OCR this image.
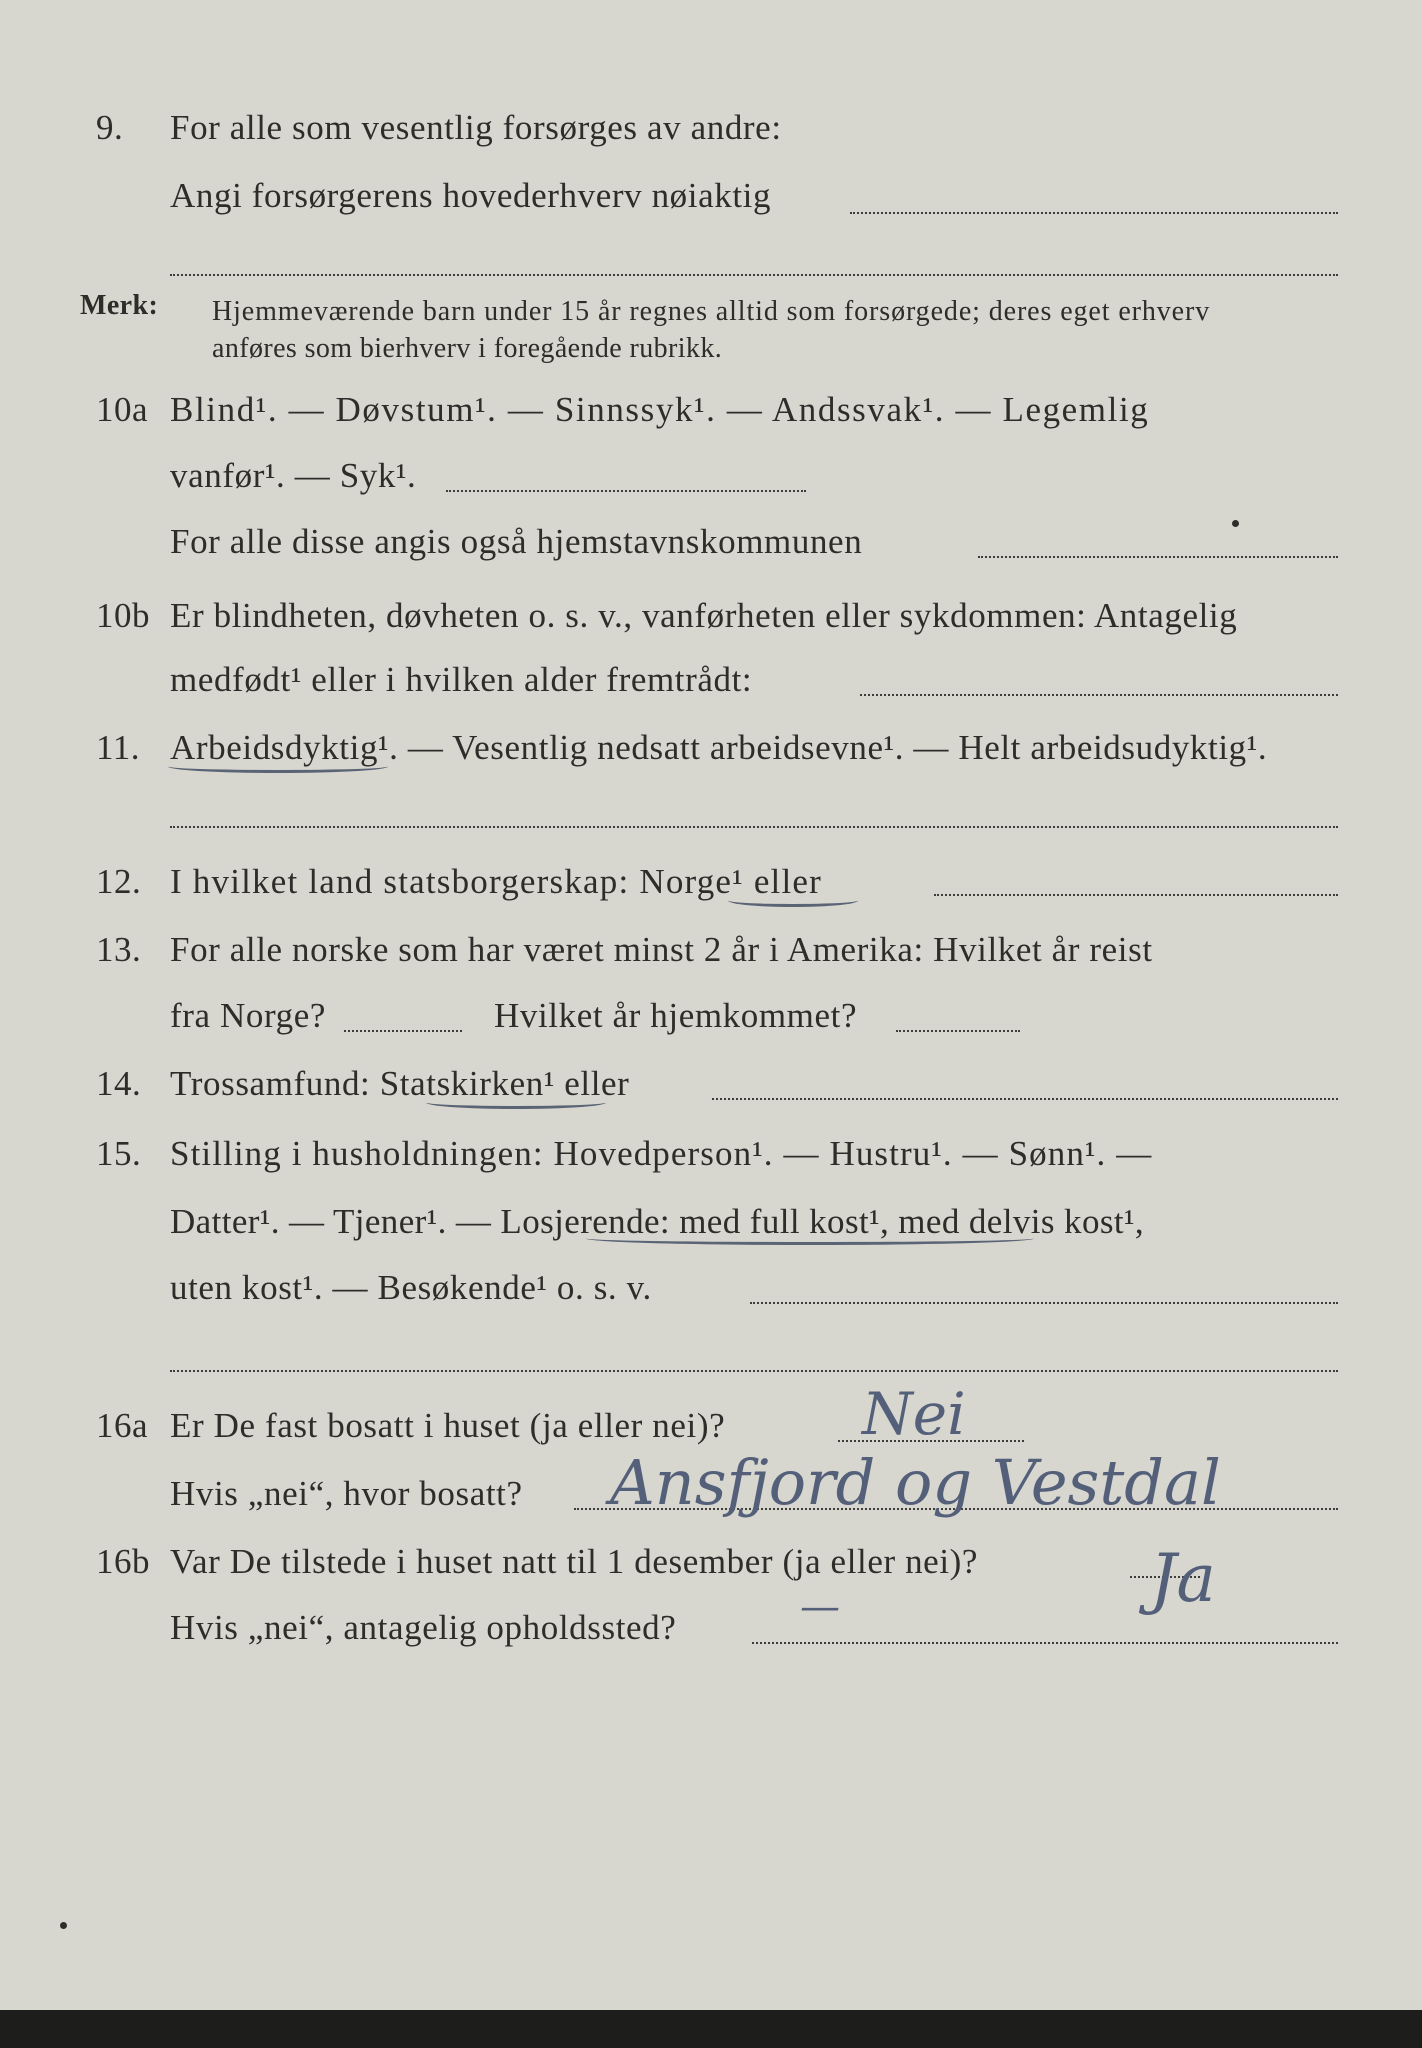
9. For alle som vesentlig forsørges av andre:
Angi forsørgerens hovederhverv nøiaktig
Merk: Hjemmeværende barn under 15 år regnes alltid som forsørgede; deres eget erhverv
anføres som bierhverv i foregående rubrikk.
10a Blind¹. — Døvstum¹. — Sinnssyk¹. — Andssvak¹. — Legemlig
vanfør¹. — Syk¹.
For alle disse angis også hjemstavnskommunen
10b Er blindheten, døvheten o. s. v., vanførheten eller sykdommen: Antagelig
medfødt¹ eller i hvilken alder fremtrådt:
11. Arbeidsdyktig¹. — Vesentlig nedsatt arbeidsevne¹. — Helt arbeidsudyktig¹.
12. I hvilket land statsborgerskap: Norge¹ eller
13. For alle norske som har været minst 2 år i Amerika: Hvilket år reist
fra Norge?	Hvilket år hjemkommet?
14. Trossamfund: Statskirken¹ eller
15. Stilling i husholdningen: Hovedperson¹. — Hustru¹. — Sønn¹. —
Datter¹. — Tjener¹. — Losjerende: med full kost¹, med delvis kost¹,
uten kost¹. — Besøkende¹ o. s. v.
16a Er De fast bosatt i huset (ja eller nei)? Nei
Hvis „nei“, hvor bosatt? Ansfjord og Vestdal
16b Var De tilstede i huset natt til 1 desember (ja eller nei)?	Ja
Hvis „nei“, antagelig opholdssted?	—
